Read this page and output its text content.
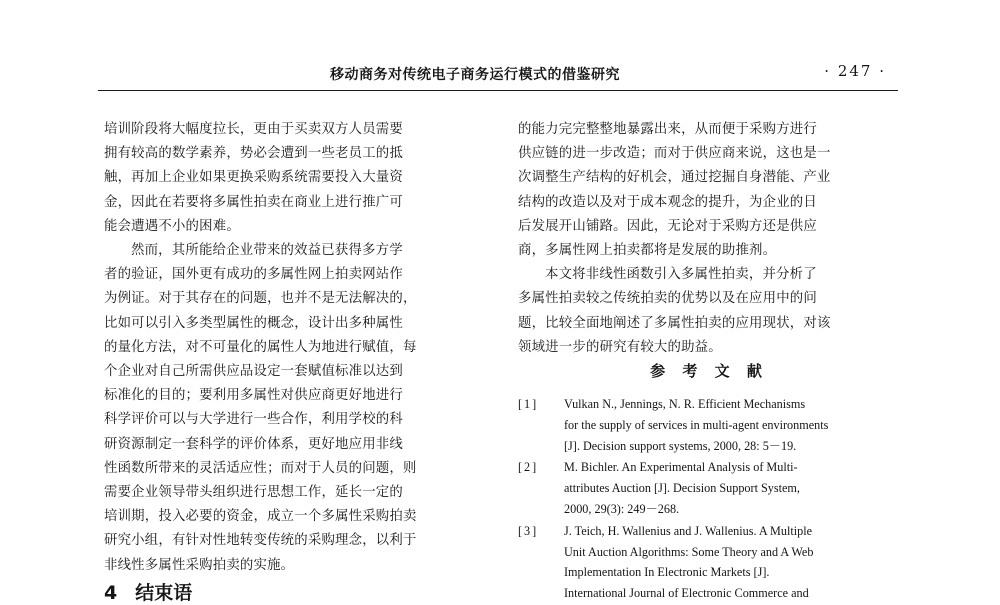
移动商务对传统电子商务运行模式的借鉴研究	· 247 ·
培训阶段将大幅度拉长，更由于买卖双方人员需要
拥有较高的数学素养，势必会遭到一些老员工的抵
触，再加上企业如果更换采购系统需要投入大量资
金，因此在若要将多属性拍卖在商业上进行推广可
能会遭遇不小的困难。
然而，其所能给企业带来的效益已获得多方学
者的验证，国外更有成功的多属性网上拍卖网站作
为例证。对于其存在的问题，也并不是无法解决的，
比如可以引入多类型属性的概念，设计出多种属性
的量化方法，对不可量化的属性人为地进行赋值，每
个企业对自己所需供应品设定一套赋值标准以达到
标准化的目的；要利用多属性对供应商更好地进行
科学评价可以与大学进行一些合作，利用学校的科
研资源制定一套科学的评价体系，更好地应用非线
性函数所带来的灵活适应性；而对于人员的问题，则
需要企业领导带头组织进行思想工作，延长一定的
培训期，投入必要的资金，成立一个多属性采购拍卖
研究小组，有针对性地转变传统的采购理念，以利于
非线性多属性采购拍卖的实施。
4 结束语
的能力完完整整地暴露出来，从而便于采购方进行
供应链的进一步改造；而对于供应商来说，这也是一
次调整生产结构的好机会，通过挖掘自身潜能、产业
结构的改造以及对于成本观念的提升，为企业的日
后发展开山铺路。因此，无论对于采购方还是供应
商，多属性网上拍卖都将是发展的助推剂。
本文将非线性函数引入多属性拍卖，并分析了
多属性拍卖较之传统拍卖的优势以及在应用中的问
题，比较全面地阐述了多属性拍卖的应用现状，对该
领域进一步的研究有较大的助益。
参 考 文 献
[1] Vulkan N., Jennings, N. R. Efficient Mechanisms
for the supply of services in multi-agent environments
[J]. Decision support systems, 2000, 28: 5－19.
[2] M. Bichler. An Experimental Analysis of Multi-
attributes Auction [J]. Decision Support System,
2000, 29(3): 249－268.
[3] J. Teich, H. Wallenius and J. Wallenius. A Multiple
Unit Auction Algorithms: Some Theory and A Web
Implementation In Electronic Markets [J].
International Journal of Electronic Commerce and
